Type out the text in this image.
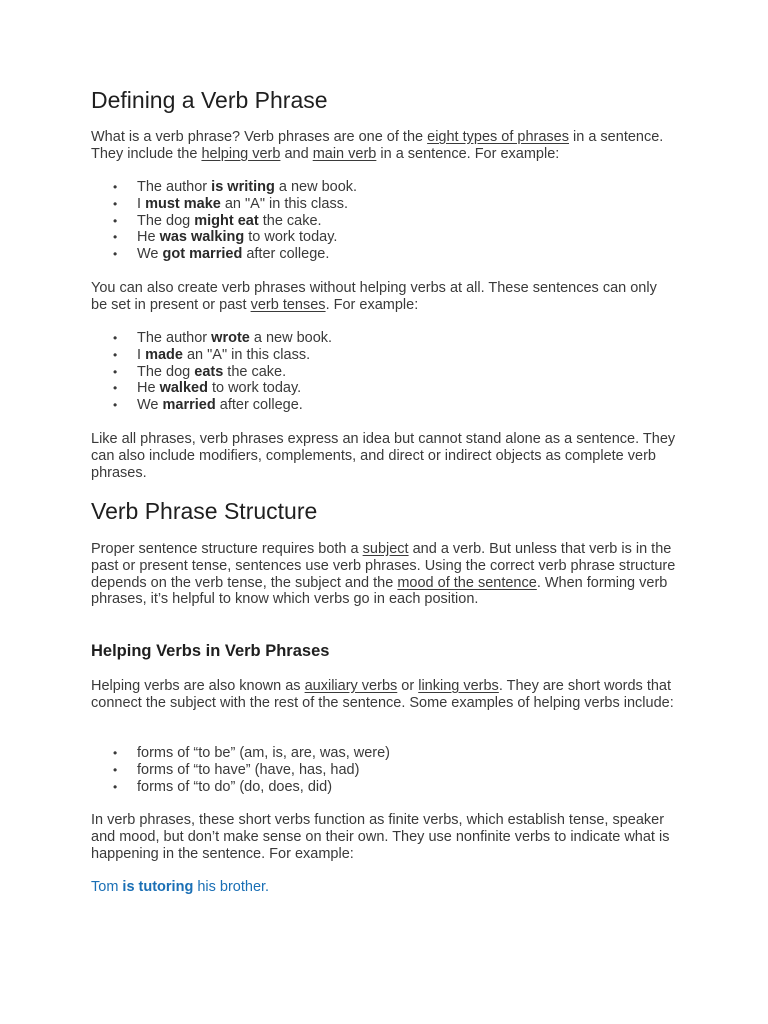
Defining a Verb Phrase

What is a verb phrase? Verb phrases are one of the eight types of phrases in a sentence. They include the helping verb and main verb in a sentence. For example:

• The author is writing a new book.
• I must make an "A" in this class.
• The dog might eat the cake.
• He was walking to work today.
• We got married after college.

You can also create verb phrases without helping verbs at all. These sentences can only be set in present or past verb tenses. For example:

• The author wrote a new book.
• I made an "A" in this class.
• The dog eats the cake.
• He walked to work today.
• We married after college.

Like all phrases, verb phrases express an idea but cannot stand alone as a sentence. They can also include modifiers, complements, and direct or indirect objects as complete verb phrases.

Verb Phrase Structure

Proper sentence structure requires both a subject and a verb. But unless that verb is in the past or present tense, sentences use verb phrases. Using the correct verb phrase structure depends on the verb tense, the subject and the mood of the sentence. When forming verb phrases, it’s helpful to know which verbs go in each position.

Helping Verbs in Verb Phrases

Helping verbs are also known as auxiliary verbs or linking verbs. They are short words that connect the subject with the rest of the sentence. Some examples of helping verbs include:

• forms of “to be” (am, is, are, was, were)
• forms of “to have” (have, has, had)
• forms of “to do” (do, does, did)

In verb phrases, these short verbs function as finite verbs, which establish tense, speaker and mood, but don’t make sense on their own. They use nonfinite verbs to indicate what is happening in the sentence. For example:

Tom is tutoring his brother.
